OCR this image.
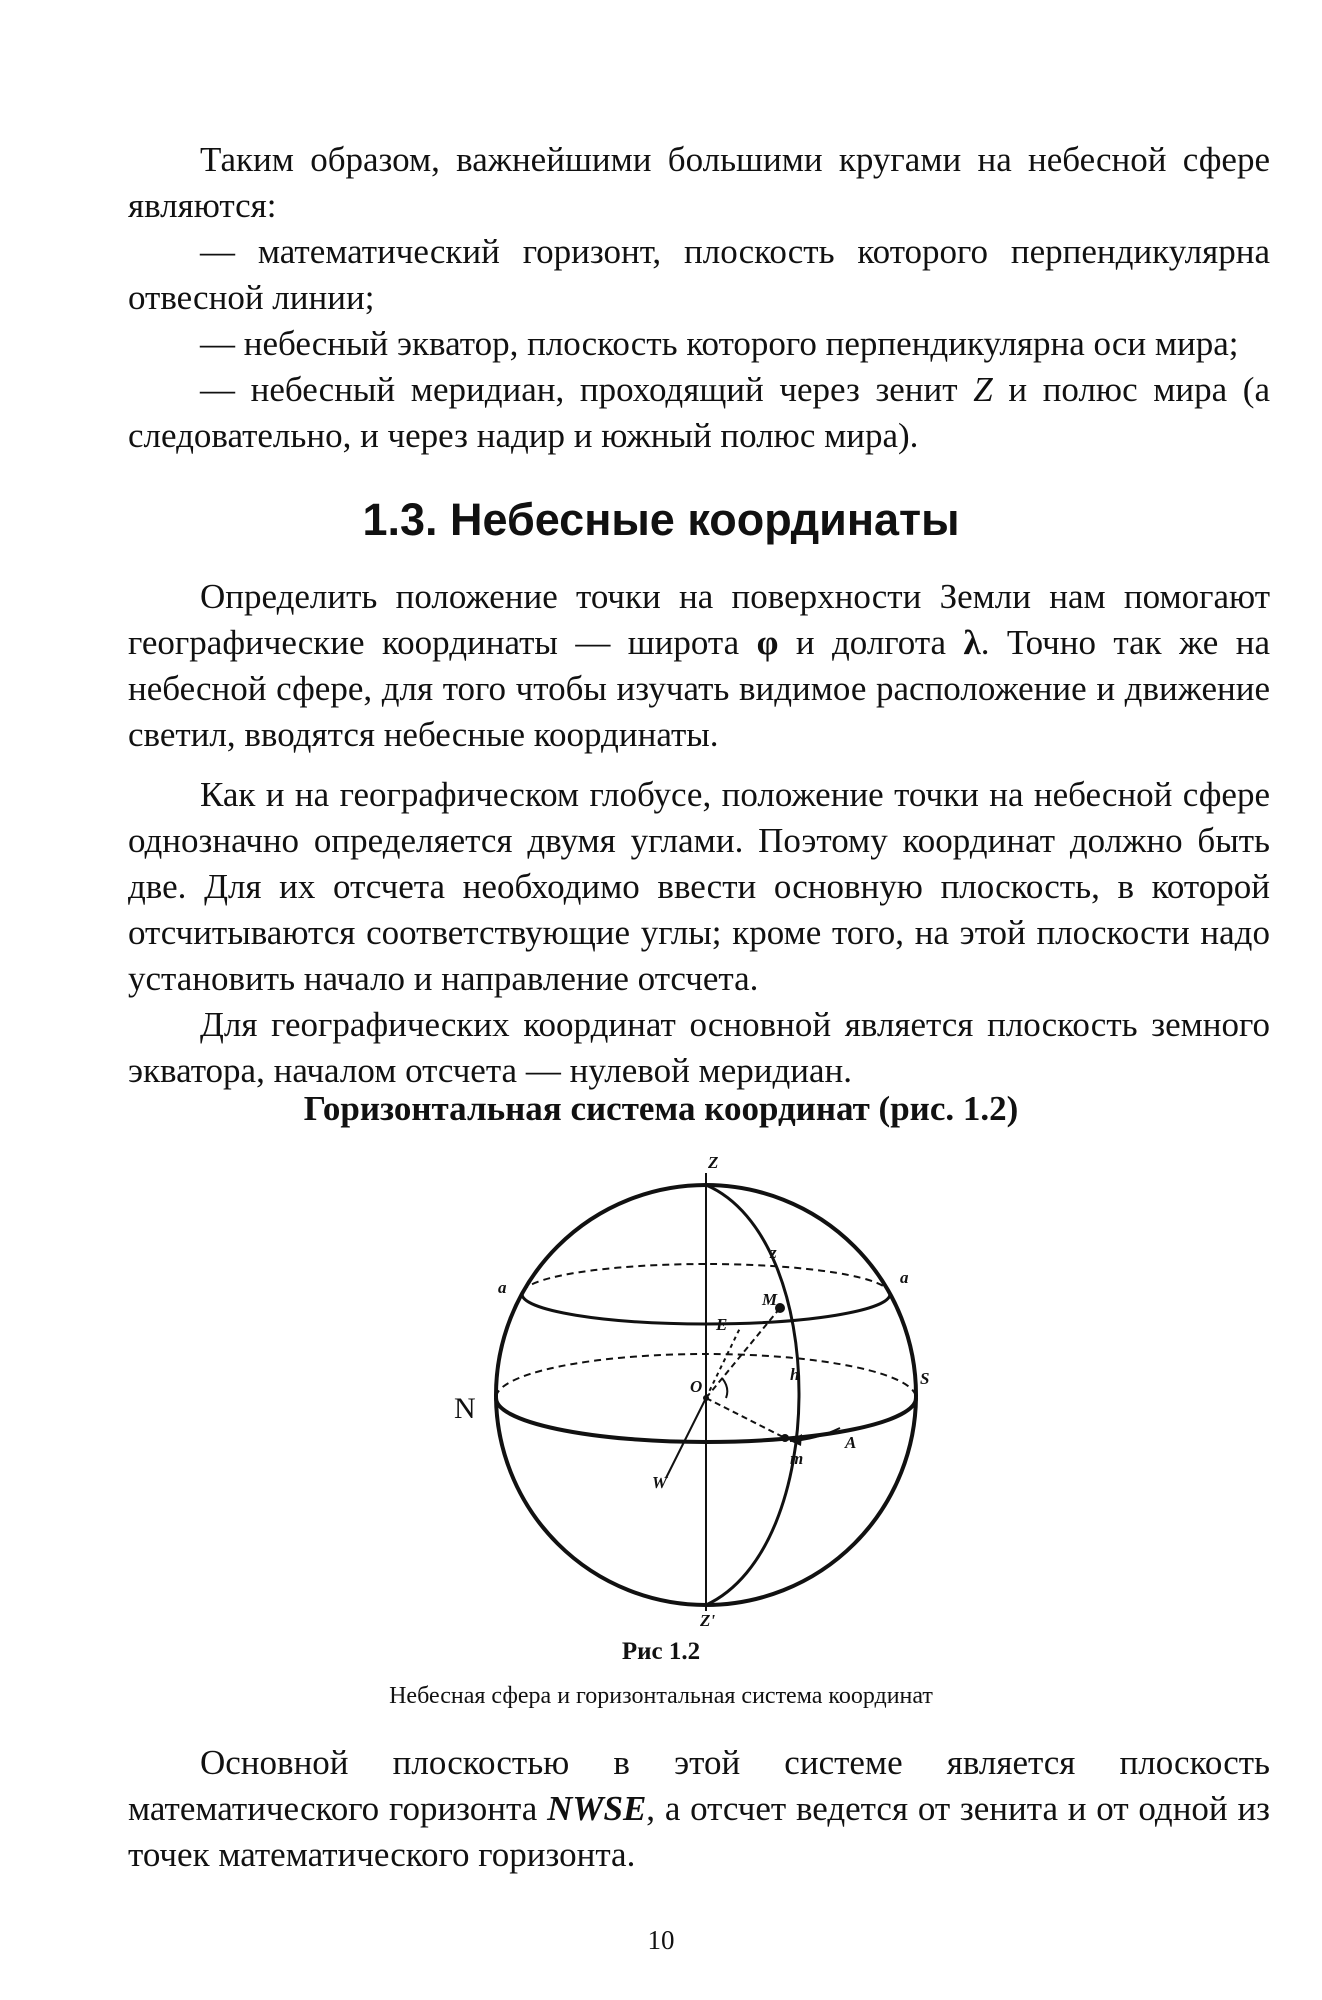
Таким образом, важнейшими большими кругами на небесной сфере являются:

— математический горизонт, плоскость которого перпендикулярна отвесной линии;

— небесный экватор, плоскость которого перпендикулярна оси мира;

— небесный меридиан, проходящий через зенит Z и полюс мира (а следовательно, и через надир и южный полюс мира).

1.3. Небесные координаты

Определить положение точки на поверхности Земли нам помогают географические координаты — широта φ и долгота λ. Точно так же на небесной сфере, для того чтобы изучать видимое расположение и движение светил, вводятся небесные координаты.

Как и на географическом глобусе, положение точки на небесной сфере однозначно определяется двумя углами. Поэтому координат должно быть две. Для их отсчета необходимо ввести основную плоскость, в которой отсчитываются соответствующие углы; кроме того, на этой плоскости надо установить начало и направление отсчета.

Для географических координат основной является плоскость земного экватора, началом отсчета — нулевой меридиан.

Горизонтальная система координат (рис. 1.2)
Z
Z'
N
S
W
M
m
O
a
a
z
h
A
E
Рис 1.2
Небесная сфера и горизонтальная система координат

Основной плоскостью в этой системе является плоскость математического горизонта NWSE, а отсчет ведется от зенита и от одной из точек математического горизонта.

10
